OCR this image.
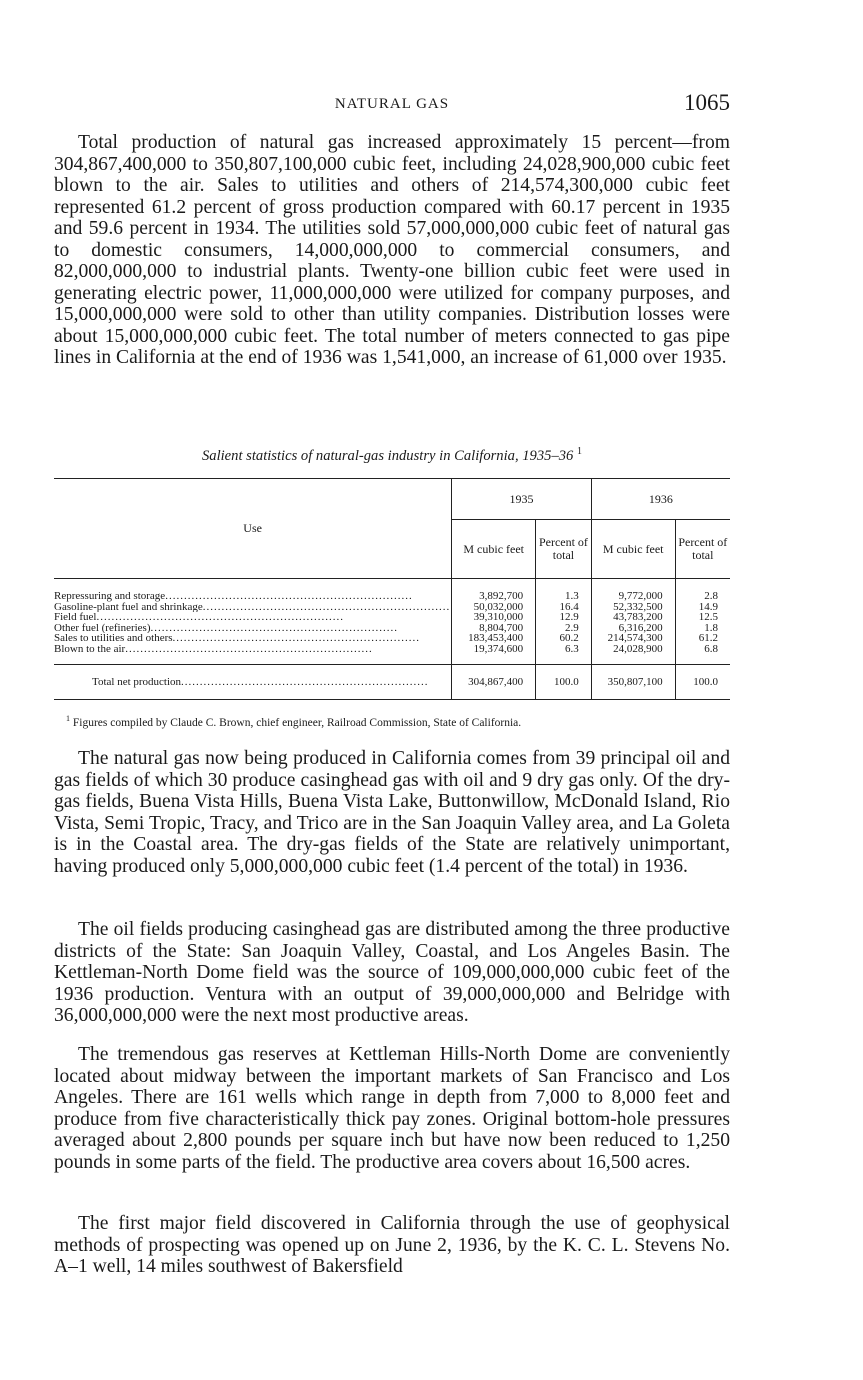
NATURAL GAS	1065

Total production of natural gas increased approximately 15 percent—from 304,867,400,000 to 350,807,100,000 cubic feet, including 24,028,900,000 cubic feet blown to the air. Sales to utilities and others of 214,574,300,000 cubic feet represented 61.2 percent of gross production compared with 60.17 percent in 1935 and 59.6 percent in 1934. The utilities sold 57,000,000,000 cubic feet of natural gas to domestic consumers, 14,000,000,000 to commercial consumers, and 82,000,000,000 to industrial plants. Twenty-one billion cubic feet were used in generating electric power, 11,000,000,000 were utilized for company purposes, and 15,000,000,000 were sold to other than utility companies. Distribution losses were about 15,000,000,000 cubic feet. The total number of meters connected to gas pipe lines in California at the end of 1936 was 1,541,000, an increase of 61,000 over 1935.

Salient statistics of natural-gas industry in California, 1935–36 $^1$
Use	1935		1936	
	M cubic feet	Percent of total	M cubic feet	Percent of total
Repressuring and storage..................................................................	3,892,700	1.3	9,772,000	2.8
Gasoline-plant fuel and shrinkage..................................................................	50,032,000	16.4	52,332,500	14.9
Field fuel..................................................................	39,310,000	12.9	43,783,200	12.5
Other fuel (refineries)..................................................................	8,804,700	2.9	6,316,200	1.8
Sales to utilities and others..................................................................	183,453,400	60.2	214,574,300	61.2
Blown to the air..................................................................	19,374,600	6.3	24,028,900	6.8
Total net production..................................................................	304,867,400	100.0	350,807,100	100.0
$^1$ Figures compiled by Claude C. Brown, chief engineer, Railroad Commission, State of California.

The natural gas now being produced in California comes from 39 principal oil and gas fields of which 30 produce casinghead gas with oil and 9 dry gas only. Of the dry-gas fields, Buena Vista Hills, Buena Vista Lake, Buttonwillow, McDonald Island, Rio Vista, Semi Tropic, Tracy, and Trico are in the San Joaquin Valley area, and La Goleta is in the Coastal area. The dry-gas fields of the State are relatively unimportant, having produced only 5,000,000,000 cubic feet (1.4 percent of the total) in 1936.

The oil fields producing casinghead gas are distributed among the three productive districts of the State: San Joaquin Valley, Coastal, and Los Angeles Basin. The Kettleman-North Dome field was the source of 109,000,000,000 cubic feet of the 1936 production. Ventura with an output of 39,000,000,000 and Belridge with 36,000,000,000 were the next most productive areas.

The tremendous gas reserves at Kettleman Hills-North Dome are conveniently located about midway between the important markets of San Francisco and Los Angeles. There are 161 wells which range in depth from 7,000 to 8,000 feet and produce from five characteristically thick pay zones. Original bottom-hole pressures averaged about 2,800 pounds per square inch but have now been reduced to 1,250 pounds in some parts of the field. The productive area covers about 16,500 acres.

The first major field discovered in California through the use of geophysical methods of prospecting was opened up on June 2, 1936, by the K. C. L. Stevens No. A–1 well, 14 miles southwest of Bakersfield
